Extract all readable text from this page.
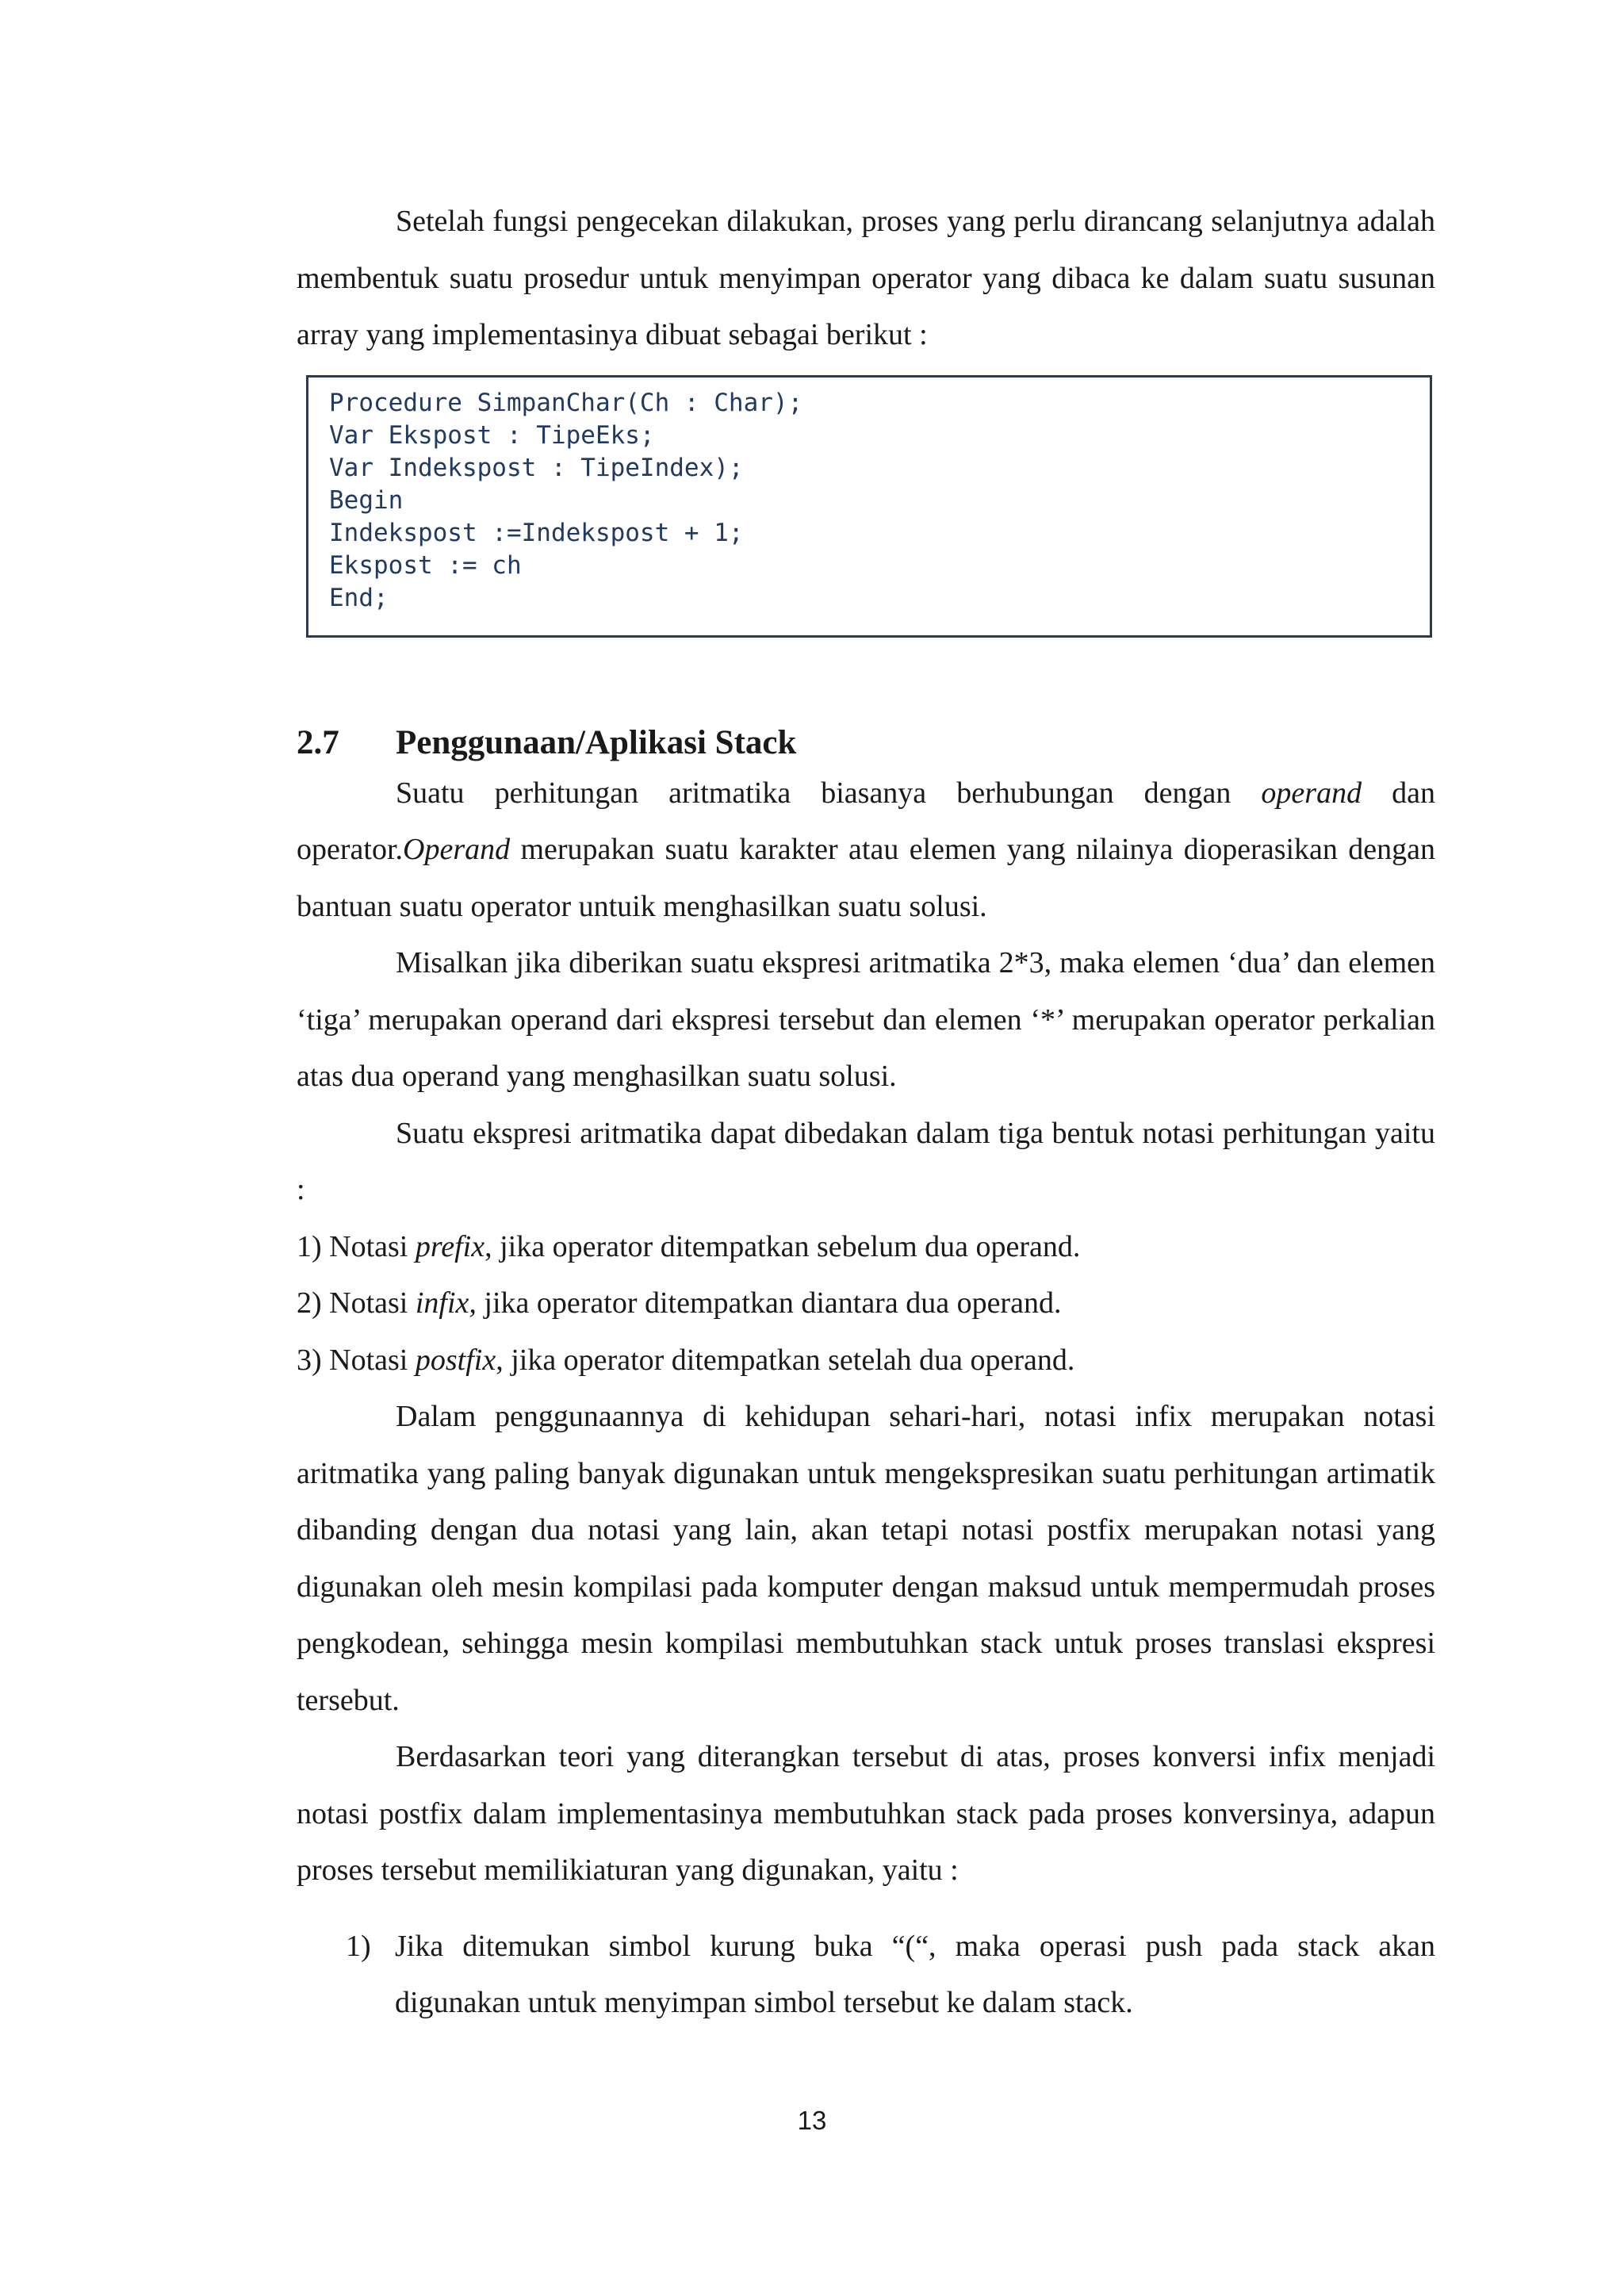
Setelah fungsi pengecekan dilakukan, proses yang perlu dirancang selanjutnya adalah membentuk suatu prosedur untuk menyimpan operator yang dibaca ke dalam suatu susunan array yang implementasinya dibuat sebagai berikut :

Procedure SimpanChar(Ch : Char);

Var Ekspost : TipeEks;

Var Indekspost : TipeIndex);

Begin

Indekspost :=Indekspost + 1;

Ekspost := ch

End;

2.7 Penggunaan/Aplikasi Stack

Suatu perhitungan aritmatika biasanya berhubungan dengan operand dan operator.Operand merupakan suatu karakter atau elemen yang nilainya dioperasikan dengan bantuan suatu operator untuik menghasilkan suatu solusi.

Misalkan jika diberikan suatu ekspresi aritmatika 2*3, maka elemen ‘dua’ dan elemen ‘tiga’ merupakan operand dari ekspresi tersebut dan elemen ‘*’ merupakan operator perkalian atas dua operand yang menghasilkan suatu solusi.

Suatu ekspresi aritmatika dapat dibedakan dalam tiga bentuk notasi perhitungan yaitu :

1) Notasi prefix, jika operator ditempatkan sebelum dua operand.

2) Notasi infix, jika operator ditempatkan diantara dua operand.

3) Notasi postfix, jika operator ditempatkan setelah dua operand.

Dalam penggunaannya di kehidupan sehari-hari, notasi infix merupakan notasi aritmatika yang paling banyak digunakan untuk mengekspresikan suatu perhitungan artimatik dibanding dengan dua notasi yang lain, akan tetapi notasi postfix merupakan notasi yang digunakan oleh mesin kompilasi pada komputer dengan maksud untuk mempermudah proses pengkodean, sehingga mesin kompilasi membutuhkan stack untuk proses translasi ekspresi tersebut.

Berdasarkan teori yang diterangkan tersebut di atas, proses konversi infix menjadi notasi postfix dalam implementasinya membutuhkan stack pada proses konversinya, adapun proses tersebut memilikiaturan yang digunakan, yaitu :

1) Jika ditemukan simbol kurung buka “(“, maka operasi push pada stack akan digunakan untuk menyimpan simbol tersebut ke dalam stack.
13
